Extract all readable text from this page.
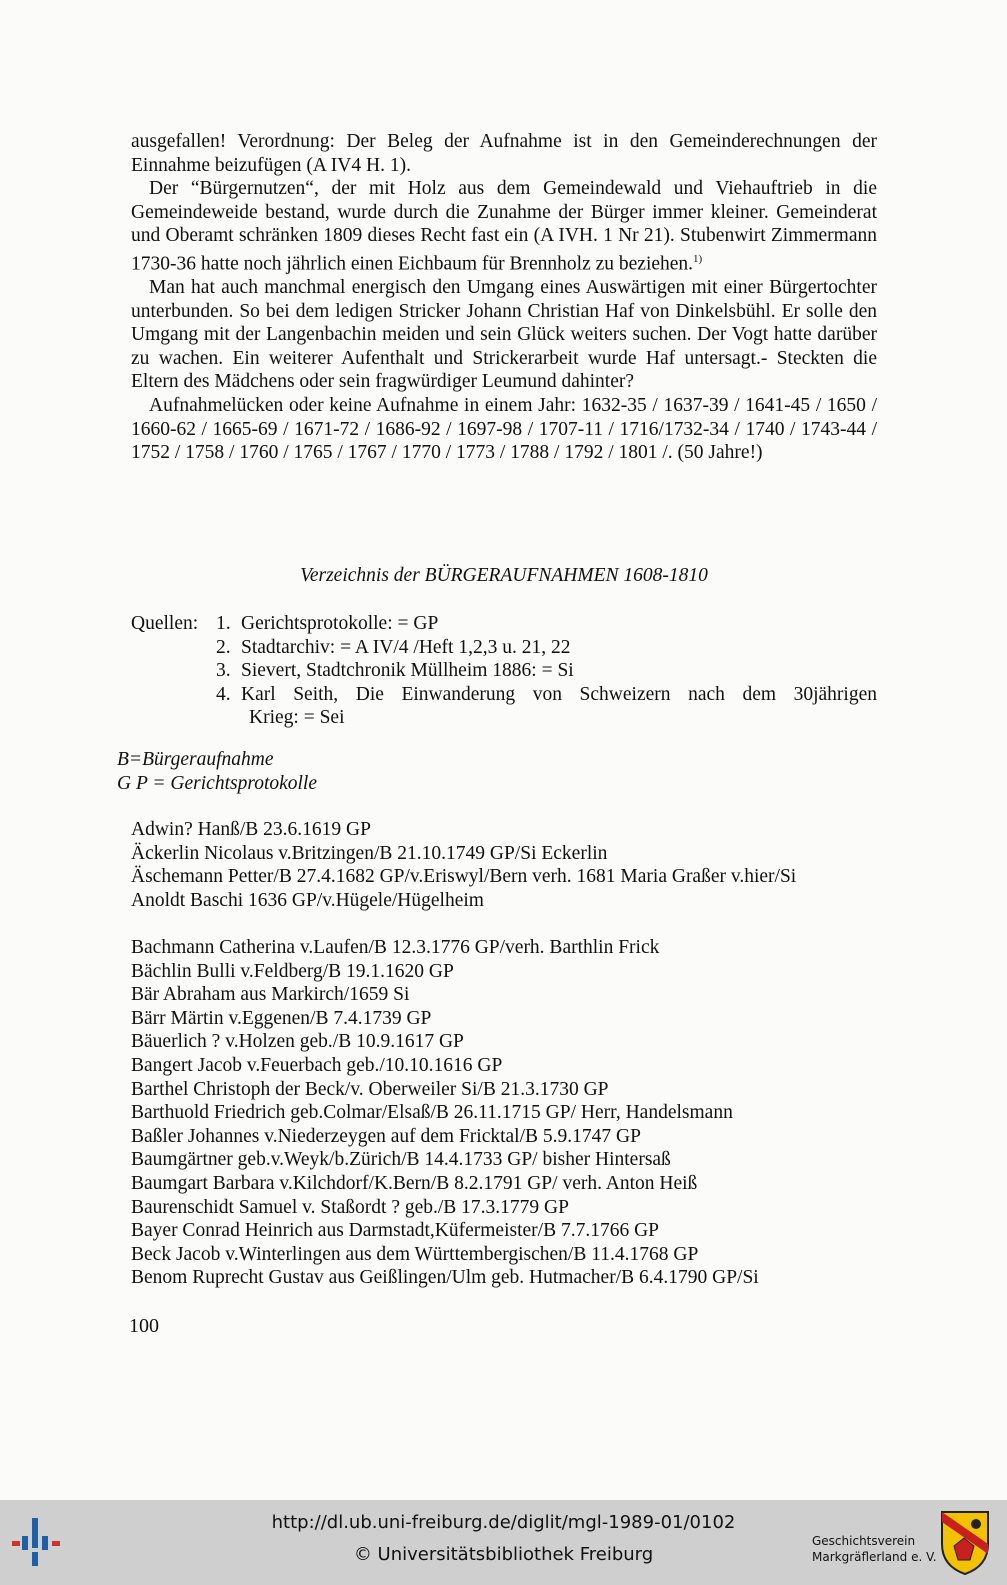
ausgefallen! Verordnung: Der Beleg der Aufnahme ist in den Gemeinderechnungen der Einnahme beizufügen (A IV4 H. 1).

Der “Bürgernutzen“, der mit Holz aus dem Gemeindewald und Viehauftrieb in die Gemeindeweide bestand, wurde durch die Zunahme der Bürger immer kleiner. Gemeinderat und Oberamt schränken 1809 dieses Recht fast ein (A IVH. 1 Nr 21). Stubenwirt Zimmermann 1730-36 hatte noch jährlich einen Eichbaum für Brennholz zu beziehen.$^{1)}$

Man hat auch manchmal energisch den Umgang eines Auswärtigen mit einer Bürgertochter unterbunden. So bei dem ledigen Stricker Johann Christian Haf von Dinkelsbühl. Er solle den Umgang mit der Langenbachin meiden und sein Glück weiters suchen. Der Vogt hatte darüber zu wachen. Ein weiterer Aufenthalt und Strickerarbeit wurde Haf untersagt.- Steckten die Eltern des Mädchens oder sein fragwürdiger Leumund dahinter?

Aufnahmelücken oder keine Aufnahme in einem Jahr: 1632-35 / 1637-39 / 1641-45 / 1650 / 1660-62 / 1665-69 / 1671-72 / 1686-92 / 1697-98 / 1707-11 / 1716/1732-34 / 1740 / 1743-44 / 1752 / 1758 / 1760 / 1765 / 1767 / 1770 / 1773 / 1788 / 1792 / 1801 /. (50 Jahre!)

Verzeichnis der BÜRGERAUFNAHMEN 1608-1810
Quellen: 1. Gerichtsprotokolle: = GP
2. Stadtarchiv: = A IV/4 /Heft 1,2,3 u. 21, 22
3. Sievert, Stadtchronik Müllheim 1886: = Si
4. Karl Seith, Die Einwanderung von Schweizern nach dem 30jährigen
Krieg: = Sei
B=Bürgeraufnahme
G P = Gerichtsprotokolle
Adwin? Hanß/B 23.6.1619 GP
Äckerlin Nicolaus v.Britzingen/B 21.10.1749 GP/Si Eckerlin
Äschemann Petter/B 27.4.1682 GP/v.Eriswyl/Bern verh. 1681 Maria Graßer v.hier/Si
Anoldt Baschi 1636 GP/v.Hügele/Hügelheim
Bachmann Catherina v.Laufen/B 12.3.1776 GP/verh. Barthlin Frick
Bächlin Bulli v.Feldberg/B 19.1.1620 GP
Bär Abraham aus Markirch/1659 Si
Bärr Märtin v.Eggenen/B 7.4.1739 GP
Bäuerlich ? v.Holzen geb./B 10.9.1617 GP
Bangert Jacob v.Feuerbach geb./10.10.1616 GP
Barthel Christoph der Beck/v. Oberweiler Si/B 21.3.1730 GP
Barthuold Friedrich geb.Colmar/Elsaß/B 26.11.1715 GP/ Herr, Handelsmann
Baßler Johannes v.Niederzeygen auf dem Fricktal/B 5.9.1747 GP
Baumgärtner geb.v.Weyk/b.Zürich/B 14.4.1733 GP/ bisher Hintersaß
Baumgart Barbara v.Kilchdorf/K.Bern/B 8.2.1791 GP/ verh. Anton Heiß
Baurenschidt Samuel v. Staßordt ? geb./B 17.3.1779 GP
Bayer Conrad Heinrich aus Darmstadt,Küfermeister/B 7.7.1766 GP
Beck Jacob v.Winterlingen aus dem Württembergischen/B 11.4.1768 GP
Benom Ruprecht Gustav aus Geißlingen/Ulm geb. Hutmacher/B 6.4.1790 GP/Si
100
http://dl.ub.uni-freiburg.de/diglit/mgl-1989-01/0102
© Universitätsbibliothek Freiburg
Geschichtsverein
Markgräflerland e. V.
